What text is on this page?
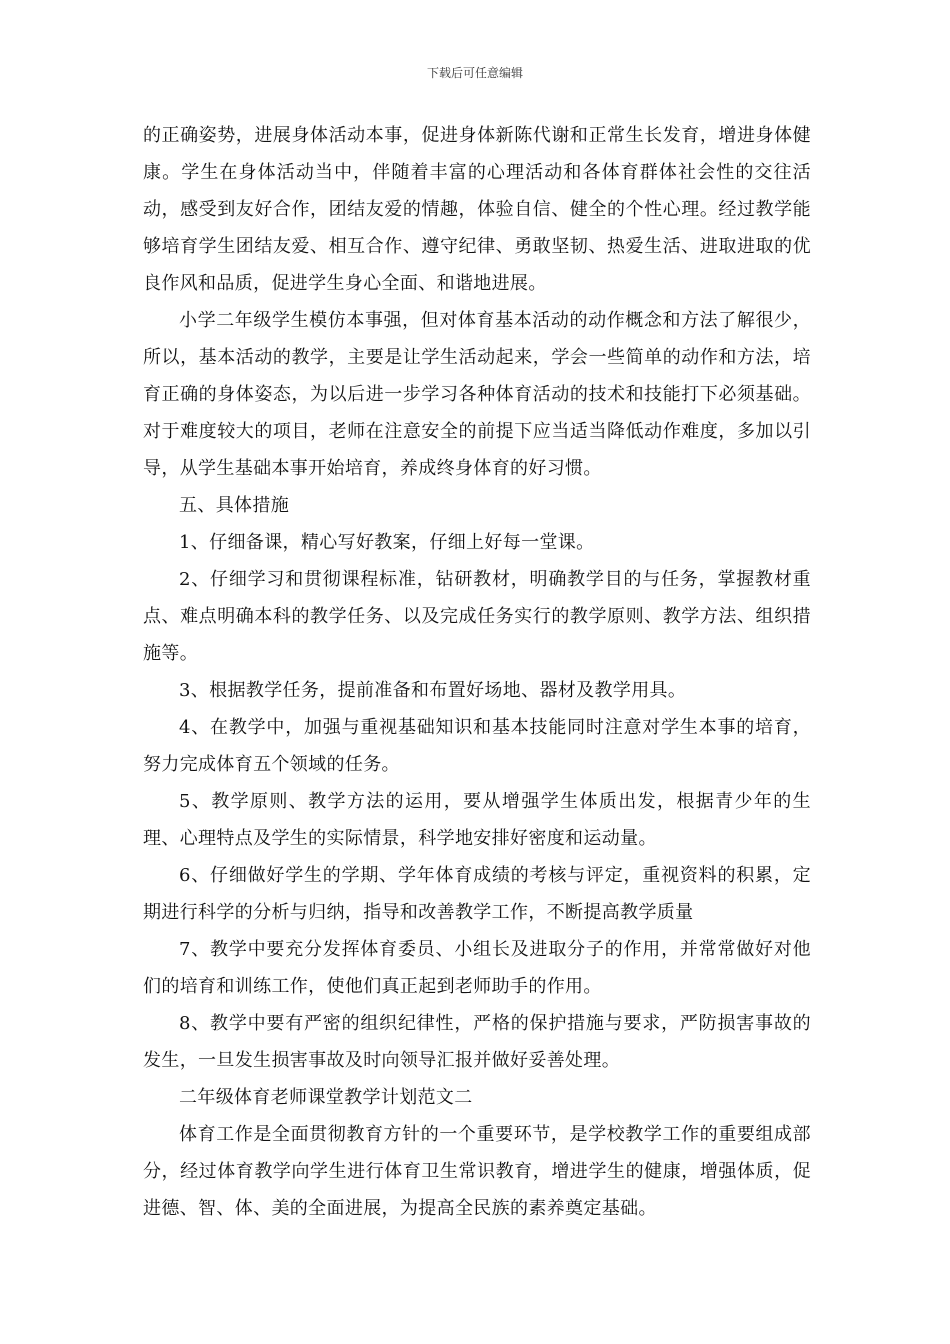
下载后可任意编辑

的正确姿势，进展身体活动本事，促进身体新陈代谢和正常生长发育，增进身体健康。学生在身体活动当中，伴随着丰富的心理活动和各体育群体社会性的交往活动，感受到友好合作，团结友爱的情趣，体验自信、健全的个性心理。经过教学能够培育学生团结友爱、相互合作、遵守纪律、勇敢坚韧、热爱生活、进取进取的优良作风和品质，促进学生身心全面、和谐地进展。

小学二年级学生模仿本事强，但对体育基本活动的动作概念和方法了解很少，所以，基本活动的教学，主要是让学生活动起来，学会一些简单的动作和方法，培育正确的身体姿态，为以后进一步学习各种体育活动的技术和技能打下必须基础。对于难度较大的项目，老师在注意安全的前提下应当适当降低动作难度，多加以引导，从学生基础本事开始培育，养成终身体育的好习惯。

五、具体措施

1、仔细备课，精心写好教案，仔细上好每一堂课。

2、仔细学习和贯彻课程标准，钻研教材，明确教学目的与任务，掌握教材重点、难点明确本科的教学任务、以及完成任务实行的教学原则、教学方法、组织措施等。

3、根据教学任务，提前准备和布置好场地、器材及教学用具。

4、在教学中，加强与重视基础知识和基本技能同时注意对学生本事的培育，努力完成体育五个领域的任务。

5、教学原则、教学方法的运用，要从增强学生体质出发，根据青少年的生理、心理特点及学生的实际情景，科学地安排好密度和运动量。

6、仔细做好学生的学期、学年体育成绩的考核与评定，重视资料的积累，定期进行科学的分析与归纳，指导和改善教学工作，不断提高教学质量

7、教学中要充分发挥体育委员、小组长及进取分子的作用，并常常做好对他们的培育和训练工作，使他们真正起到老师助手的作用。

8、教学中要有严密的组织纪律性，严格的保护措施与要求，严防损害事故的发生，一旦发生损害事故及时向领导汇报并做好妥善处理。

二年级体育老师课堂教学计划范文二

体育工作是全面贯彻教育方针的一个重要环节，是学校教学工作的重要组成部分，经过体育教学向学生进行体育卫生常识教育，增进学生的健康，增强体质，促进德、智、体、美的全面进展，为提高全民族的素养奠定基础。
